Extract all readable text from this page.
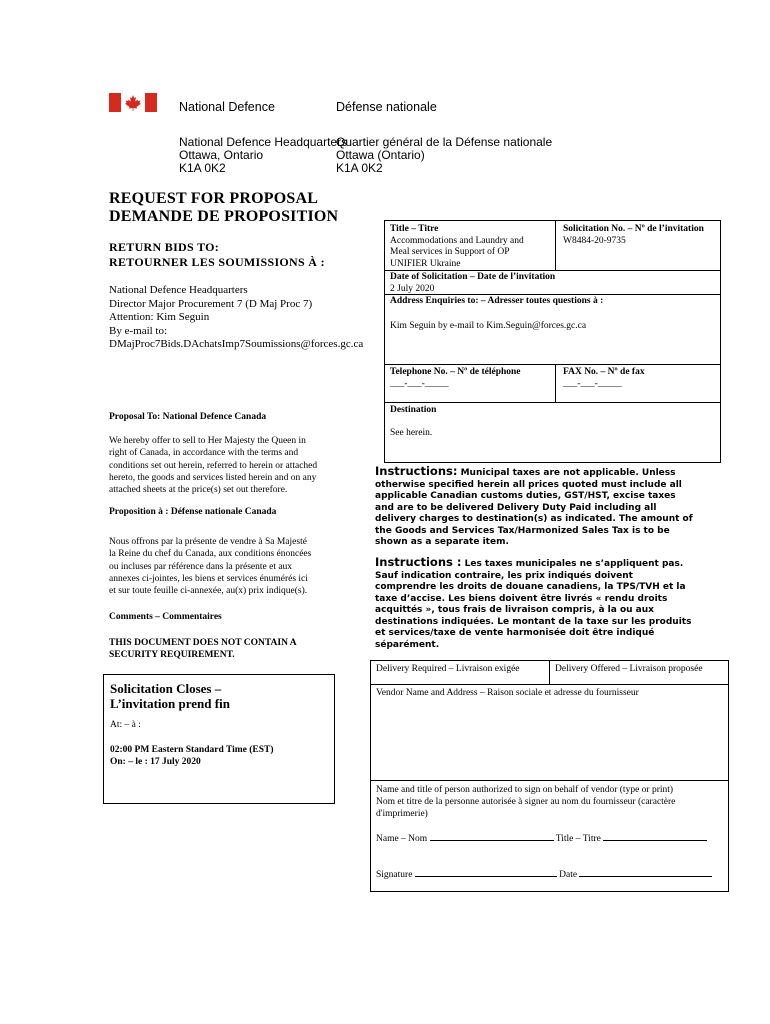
National Defence	Défense nationale
National Defence Headquarters
Ottawa, Ontario
K1A 0K2
Quartier général de la Défense nationale
Ottawa (Ontario)
K1A 0K2
REQUEST FOR PROPOSAL
DEMANDE DE PROPOSITION
RETURN BIDS TO:
RETOURNER LES SOUMISSIONS À :
National Defence Headquarters
Director Major Procurement 7 (D Maj Proc 7)
Attention: Kim Seguin
By e-mail to:
DMajProc7Bids.DAchatsImp7Soumissions@forces.gc.ca
Proposal To: National Defence Canada
We hereby offer to sell to Her Majesty the Queen in
right of Canada, in accordance with the terms and
conditions set out herein, referred to herein or attached
hereto, the goods and services listed herein and on any
attached sheets at the price(s) set out therefore.
Proposition à : Défense nationale Canada
Nous offrons par la présente de vendre à Sa Majesté
la Reine du chef du Canada, aux conditions énoncées
ou incluses par référence dans la présente et aux
annexes ci-jointes, les biens et services énumérés ici
et sur toute feuille ci-annexée, au(x) prix indique(s).
Comments – Commentaires
THIS DOCUMENT DOES NOT CONTAIN A
SECURITY REQUIREMENT.
Solicitation Closes –
L’invitation prend fin
At: – à :
02:00 PM Eastern Standard Time (EST)
On: – le : 17 July 2020
Title – Titre
Accommodations and Laundry and
Meal services in Support of OP
UNIFIER Ukraine
Solicitation No. – Nº de l’invitation
W8484-20-9735
Date of Solicitation – Date de l’invitation
2 July 2020
Address Enquiries to: – Adresser toutes questions à :
Kim Seguin by e-mail to Kim.Seguin@forces.gc.ca
Telephone No. – Nº de téléphone
___-___-_____
FAX No. – Nº de fax
___-___-_____
Destination
See herein.
Instructions: Municipal taxes are not applicable. Unless otherwise specified herein all prices quoted must include all applicable Canadian customs duties, GST/HST, excise taxes and are to be delivered Delivery Duty Paid including all delivery charges to destination(s) as indicated. The amount of the Goods and Services Tax/Harmonized Sales Tax is to be shown as a separate item.
Instructions : Les taxes municipales ne s’appliquent pas. Sauf indication contraire, les prix indiqués doivent comprendre les droits de douane canadiens, la TPS/TVH et la taxe d’accise. Les biens doivent être livrés « rendu droits acquittés », tous frais de livraison compris, à la ou aux destinations indiquées. Le montant de la taxe sur les produits et services/taxe de vente harmonisée doit être indiqué séparément.
Delivery Required – Livraison exigée	Delivery Offered – Livraison proposée
Vendor Name and Address – Raison sociale et adresse du fournisseur
Name and title of person authorized to sign on behalf of vendor (type or print)
Nom et titre de la personne autorisée à signer au nom du fournisseur (caractère
d'imprimerie)
Name – Nom	Title – Titre
Signature	Date
